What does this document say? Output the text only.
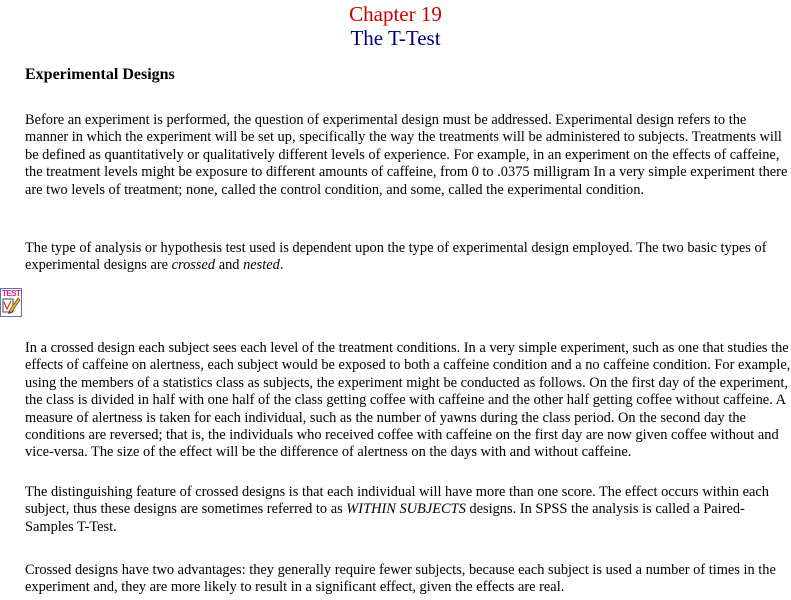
Chapter 19
The T-Test
Experimental Designs

Before an experiment is performed, the question of experimental design must be addressed. Experimental design refers to the manner in which the experiment will be set up, specifically the way the treatments will be administered to subjects. Treatments will be defined as quantitatively or qualitatively different levels of experience. For example, in an experiment on the effects of caffeine, the treatment levels might be exposure to different amounts of caffeine, from 0 to .0375 milligram In a very simple experiment there are two levels of treatment; none, called the control condition, and some, called the experimental condition.

The type of analysis or hypothesis test used is dependent upon the type of experimental design employed. The two basic types of experimental designs are crossed and nested.

TEST

In a crossed design each subject sees each level of the treatment conditions. In a very simple experiment, such as one that studies the effects of caffeine on alertness, each subject would be exposed to both a caffeine condition and a no caffeine condition. For example, using the members of a statistics class as subjects, the experiment might be conducted as follows. On the first day of the experiment, the class is divided in half with one half of the class getting coffee with caffeine and the other half getting coffee without caffeine. A measure of alertness is taken for each individual, such as the number of yawns during the class period. On the second day the conditions are reversed; that is, the individuals who received coffee with caffeine on the first day are now given coffee without and vice-versa. The size of the effect will be the difference of alertness on the days with and without caffeine.

The distinguishing feature of crossed designs is that each individual will have more than one score. The effect occurs within each subject, thus these designs are sometimes referred to as WITHIN SUBJECTS designs. In SPSS the analysis is called a Paired-Samples T-Test.

Crossed designs have two advantages: they generally require fewer subjects, because each subject is used a number of times in the experiment and, they are more likely to result in a significant effect, given the effects are real.
